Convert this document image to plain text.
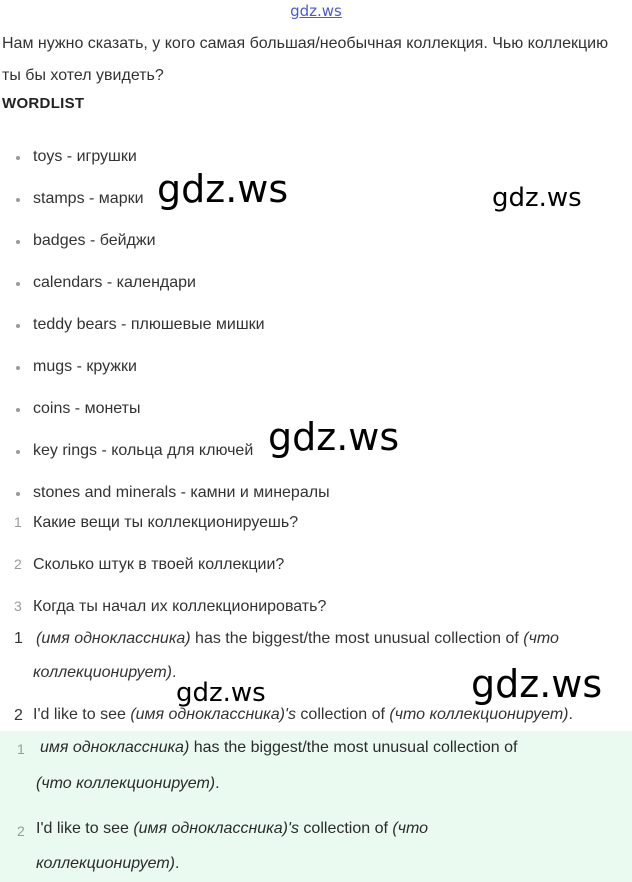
gdz.ws
Нам нужно сказать, у кого самая большая/необычная коллекция. Чью коллекцию ты бы хотел увидеть?
WORDLIST
toys - игрушки
stamps - марки
badges - бейджи
calendars - календари
teddy bears - плюшевые мишки
mugs - кружки
coins - монеты
key rings - кольца для ключей
stones and minerals - камни и минералы
1 Какие вещи ты коллекционируешь?
2 Сколько штук в твоей коллекции?
3 Когда ты начал их коллекционировать?
1 (имя одноклассника) has the biggest/the most unusual collection of (что
коллекционирует).
2 I'd like to see (имя одноклассника)'s collection of (что коллекционирует).
1 имя одноклассника) has the biggest/the most unusual collection of
(что коллекционирует).
2 I'd like to see (имя одноклассника)'s collection of (что
коллекционирует).
gdz.ws	gdz.ws
gdz.ws
gdz.ws	gdz.ws
